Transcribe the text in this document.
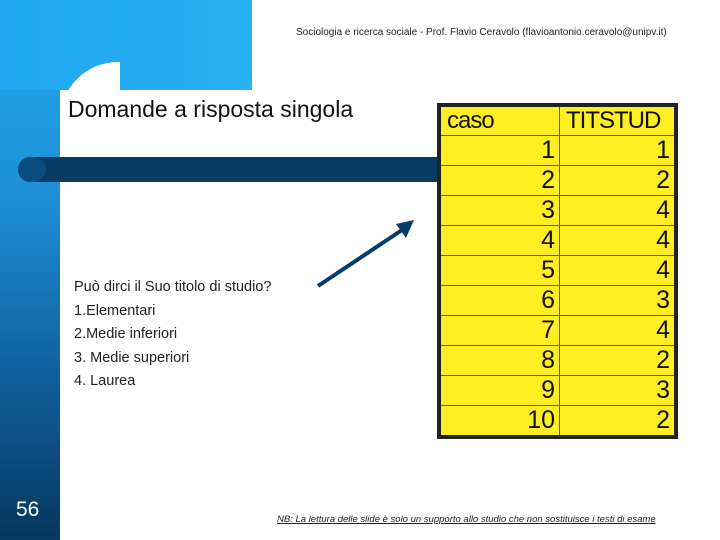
Sociologia e ricerca sociale - Prof. Flavio Ceravolo (flavioantonio.ceravolo@unipv.it)
Domande a risposta singola
Può dirci il Suo titolo di studio?
1.Elementari
2.Medie inferiori
3. Medie superiori
4. Laurea
caso	TITSTUD
1	1
2	2
3	4
4	4
5	4
6	3
7	4
8	2
9	3
10	2
56	NB: La lettura delle slide è solo un supporto allo studio che non sostituisce i testi di esame
